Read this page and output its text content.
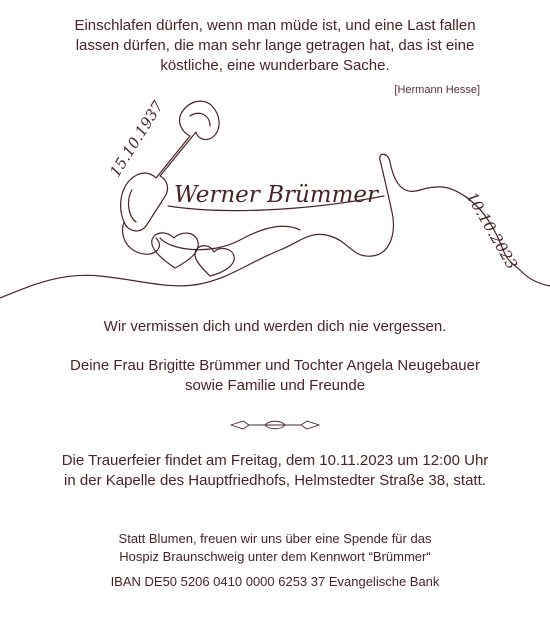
Einschlafen dürfen, wenn man müde ist, und eine Last fallen
lassen dürfen, die man sehr lange getragen hat, das ist eine
köstliche, eine wunderbare Sache.
[Hermann Hesse]
15.10.1937
Werner Brümmer	10.10.2023
Wir vermissen dich und werden dich nie vergessen.
Deine Frau Brigitte Brümmer und Tochter Angela Neugebauer
sowie Familie und Freunde
Die Trauerfeier findet am Freitag, dem 10.11.2023 um 12:00 Uhr
in der Kapelle des Hauptfriedhofs, Helmstedter Straße 38, statt.
Statt Blumen, freuen wir uns über eine Spende für das
Hospiz Braunschweig unter dem Kennwort “Brümmer“
IBAN DE50 5206 0410 0000 6253 37 Evangelische Bank
